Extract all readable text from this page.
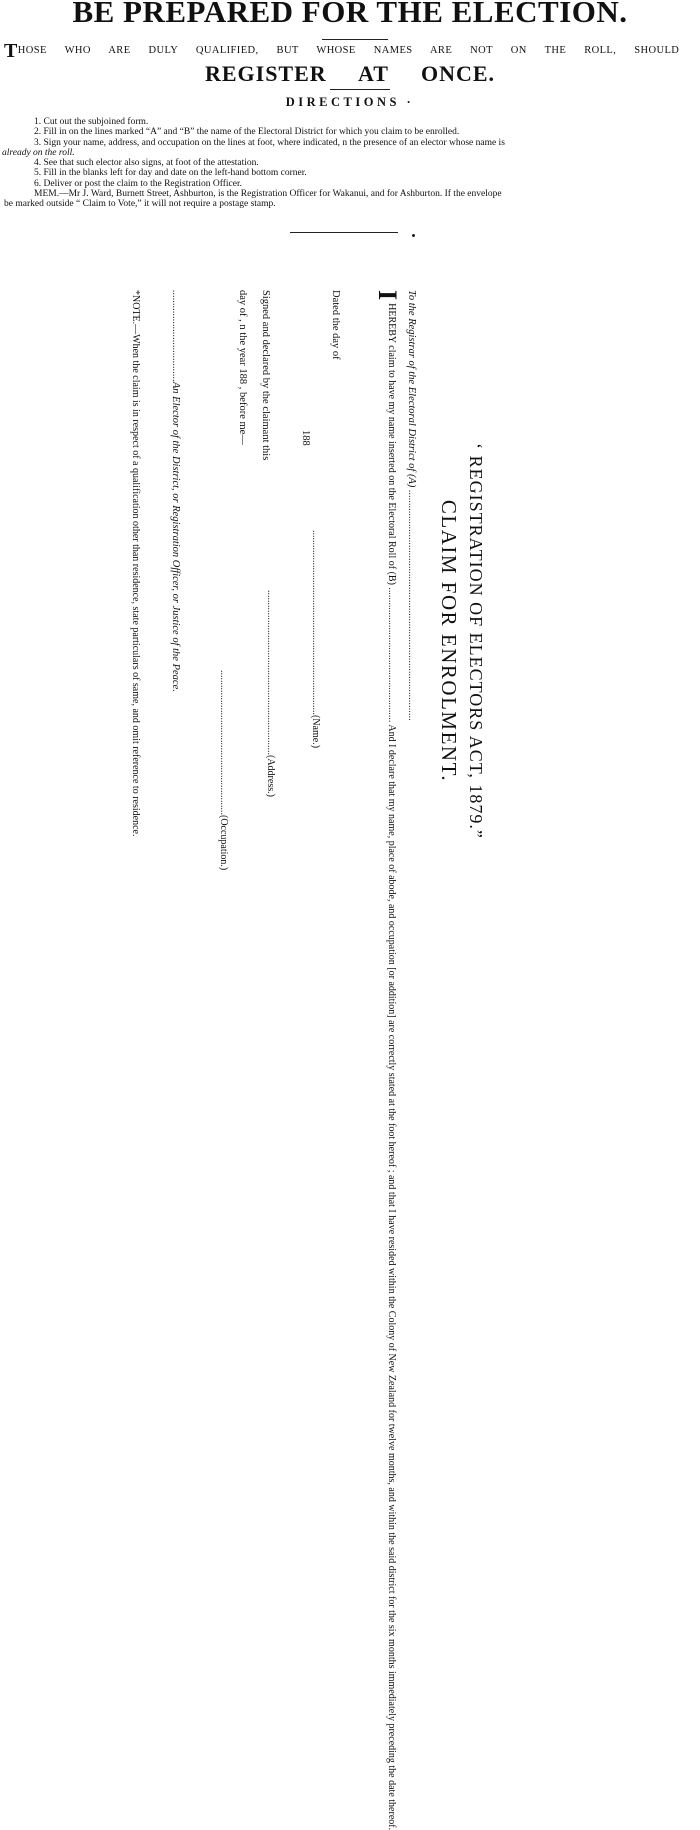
BE PREPARED FOR THE ELECTION.
THOSE WHO ARE DULY QUALIFIED, BUT WHOSE NAMES ARE NOT ON THE ROLL, SHOULD
REGISTER AT ONCE.
DIRECTIONS ·
1. Cut out the subjoined form.
2. Fill in on the lines marked “A” and “B” the name of the Electoral District for which you claim to be enrolled.
3. Sign your name, address, and occupation on the lines at foot, where indicated, n the presence of an elector whose name is
already on the roll.
4. See that such elector also signs, at foot of the attestation.
5. Fill in the blanks left for day and date on the left-hand bottom corner.
6. Deliver or post the claim to the Registration Officer.
MEM.—Mr J. Ward, Burnett Street, Ashburton, is the Registration Officer for Wakanui, and for Ashburton. If the envelope
be marked outside “ Claim to Vote,” it will not require a postage stamp.
‘ REGISTRATION OF ELECTORS ACT, 1879.”
CLAIM FOR ENROLMENT.
To the Registrar of the Electoral District of (A) ........................................................................................
I
HEREBY claim to have my name inserted on the Electoral Roll of (B) ...................................................... And I declare that my name, place of abode, and occupation [or addition] are correctly stated at the foot hereof ; and that I have resided within the Colony of New Zealand for twelve months, and within the said district for the six months immediately preceding the date thereof.
Dated the day of
188
..........................................................................(Name.)
..................................................................(Address.)
Signed and declared by the claimant this
day of , n the year 188 , before me—
..........................................................(Occupation.)
...................................An Elector of the District, or Registration Officer, or Justice of the Peace.
*NOTE.—When the claim is in respect of a qualification other than residence, state particulars of same, and omit reference to residence.
